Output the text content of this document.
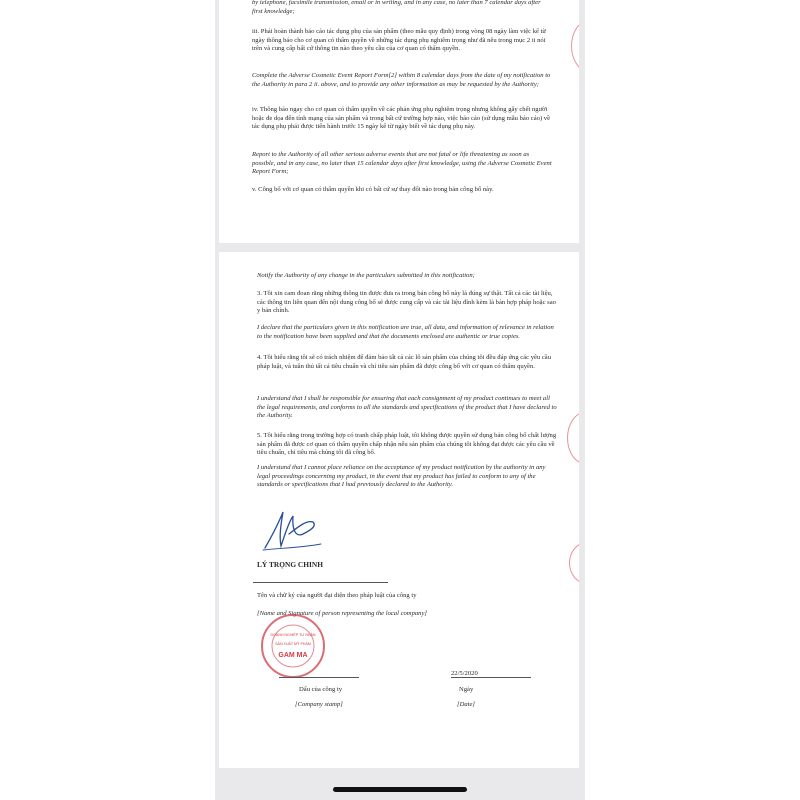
by telephone, facsimile transmission, email or in writing, and in any case, no later than 7 calendar days after first knowledge;
iii. Phải hoàn thành báo cáo tác dụng phụ của sản phẩm (theo mẫu quy định) trong vòng 08 ngày làm việc kể từ ngày thông báo cho cơ quan có thẩm quyền về những tác dụng phụ nghiêm trọng như đã nêu trong mục 2 ii nói trên và cung cấp bất cứ thông tin nào theo yêu cầu của cơ quan có thẩm quyền.
Complete the Adverse Cosmetic Event Report Form[2] within 8 calendar days from the date of my notification to the Authority in para 2 ii. above, and to provide any other information as may be requested by the Authority;
iv. Thông báo ngay cho cơ quan có thẩm quyền về các phản ứng phụ nghiêm trọng nhưng không gây chết người hoặc đe dọa đến tính mạng của sản phẩm và trong bất cứ trường hợp nào, việc báo cáo (sử dụng mẫu báo cáo) về tác dụng phụ phải được tiến hành trước 15 ngày kể từ ngày biết về tác dụng phụ này.
Report to the Authority of all other serious adverse events that are not fatal or life threatening as soon as possible, and in any case, no later than 15 calendar days after first knowledge, using the Adverse Cosmetic Event Report Form;
v. Công bố với cơ quan có thẩm quyền khi có bất cứ sự thay đổi nào trong bản công bố này.
Notify the Authority of any change in the particulars submitted in this notification;
3. Tôi xin cam đoan rằng những thông tin được đưa ra trong bản công bố này là đúng sự thật. Tất cả các tài liệu, các thông tin liên quan đến nội dung công bố sẽ được cung cấp và các tài liệu đính kèm là bản hợp pháp hoặc sao y bản chính.
I declare that the particulars given in this notification are true, all data, and information of relevance in relation to the notification have been supplied and that the documents enclosed are authentic or true copies.
4. Tôi hiểu rằng tôi sẽ có trách nhiệm để đảm bảo tất cả các lô sản phẩm của chúng tôi đều đáp ứng các yêu cầu pháp luật, và tuân thủ tất cả tiêu chuẩn và chỉ tiêu sản phẩm đã được công bố với cơ quan có thẩm quyền.
I understand that I shall be responsible for ensuring that each consignment of my product continues to meet all the legal requirements, and conforms to all the standards and specifications of the product that I have declared to the Authority.
5. Tôi hiểu rằng trong trường hợp có tranh chấp pháp luật, tôi không được quyền sử dụng bản công bố chất lượng sản phẩm đã được cơ quan có thẩm quyền chấp nhận nếu sản phẩm của chúng tôi không đạt được các yêu cầu về tiêu chuẩn, chỉ tiêu mà chúng tôi đã công bố.
I understand that I cannot place reliance on the acceptance of my product notification by the authority in any legal proceedings concerning my product, in the event that my product has failed to conform to any of the standards or specifications that I had previously declared to the Authority.
LÝ TRỌNG CHINH
Tên và chữ ký của người đại diện theo pháp luật của công ty
[Name and Signature of person representing the local company]
DOANH NGHIỆP TƯ NHÂN
SẢN XUẤT MỸ PHẨM
GAM MA
22/5/2020
Dấu của công ty	Ngày
[Company stamp]	[Date]
